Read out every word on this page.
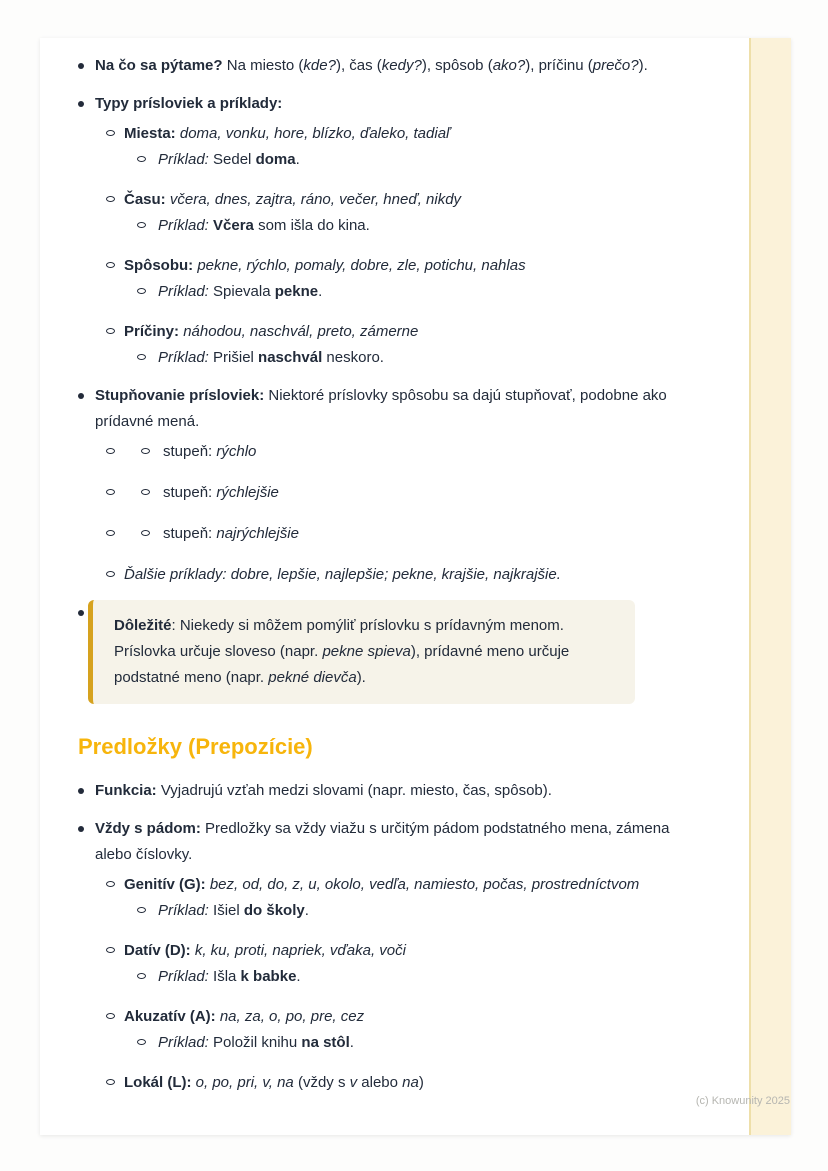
Na čo sa pýtame? Na miesto (kde?), čas (kedy?), spôsob (ako?), príčinu (prečo?).
Typy prísloviek a príklady:
Miesta: doma, vonku, hore, blízko, ďaleko, tadiaľ
Príklad: Sedel doma.
Času: včera, dnes, zajtra, ráno, večer, hneď, nikdy
Príklad: Včera som išla do kina.
Spôsobu: pekne, rýchlo, pomaly, dobre, zle, potichu, nahlas
Príklad: Spievala pekne.
Príčiny: náhodou, naschvál, preto, zámerne
Príklad: Prišiel naschvál neskoro.
Stupňovanie prísloviek: Niektoré príslovky spôsobu sa dajú stupňovať, podobne ako prídavné mená.
stupeň: rýchlo
stupeň: rýchlejšie
stupeň: najrýchlejšie
Ďalšie príklady: dobre, lepšie, najlepšie; pekne, krajšie, najkrajšie.
Dôležité: Niekedy si môžem pomýliť príslovku s prídavným menom. Príslovka určuje sloveso (napr. pekne spieva), prídavné meno určuje podstatné meno (napr. pekné dievča).
Predložky (Prepozície)
Funkcia: Vyjadrujú vzťah medzi slovami (napr. miesto, čas, spôsob).
Vždy s pádom: Predložky sa vždy viažu s určitým pádom podstatného mena, zámena alebo číslovky.
Genitív (G): bez, od, do, z, u, okolo, vedľa, namiesto, počas, prostredníctvom
Príklad: Išiel do školy.
Datív (D): k, ku, proti, napriek, vďaka, voči
Príklad: Išla k babke.
Akuzatív (A): na, za, o, po, pre, cez
Príklad: Položil knihu na stôl.
Lokál (L): o, po, pri, v, na (vždy s v alebo na)
(c) Knowunity 2025
